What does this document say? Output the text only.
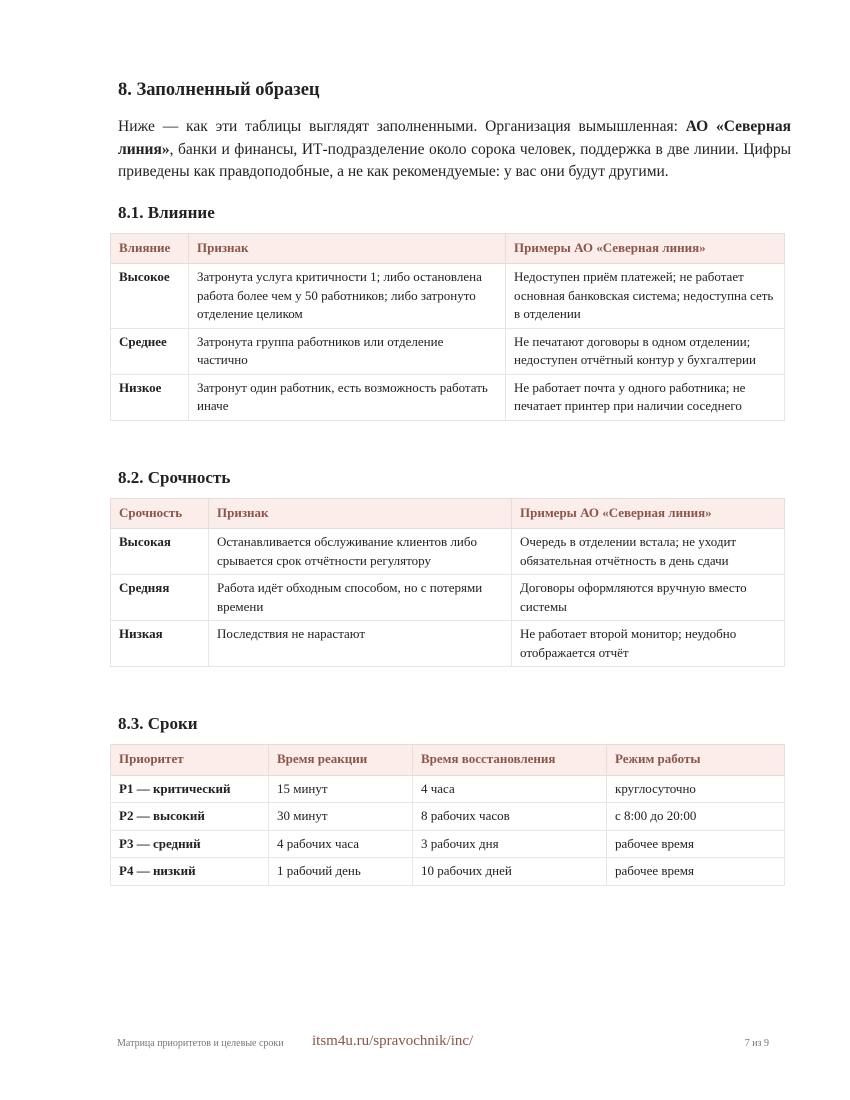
8. Заполненный образец

Ниже — как эти таблицы выглядят заполненными. Организация вымышленная: АО «Северная линия», банки и финансы, ИТ-подразделение около сорока человек, поддержка в две линии. Цифры приведены как правдоподобные, а не как рекомендуемые: у вас они будут другими.

8.1. Влияние
Влияние	Признак	Примеры АО «Северная линия»
Высокое	Затронута услуга критичности 1; либо остановлена работа более чем у 50 работников; либо затронуто отделение целиком	Недоступен приём платежей; не работает основная банковская система; недоступна сеть в отделении
Среднее	Затронута группа работников или отделение частично	Не печатают договоры в одном отделении; недоступен отчётный контур у бухгалтерии
Низкое	Затронут один работник, есть возможность работать иначе	Не работает почта у одного работника; не печатает принтер при наличии соседнего
8.2. Срочность
Срочность	Признак	Примеры АО «Северная линия»
Высокая	Останавливается обслуживание клиентов либо срывается срок отчётности регулятору	Очередь в отделении встала; не уходит обязательная отчётность в день сдачи
Средняя	Работа идёт обходным способом, но с потерями времени	Договоры оформляются вручную вместо системы
Низкая	Последствия не нарастают	Не работает второй монитор; неудобно отображается отчёт
8.3. Сроки
Приоритет	Время реакции	Время восстановления	Режим работы
P1 — критический	15 минут	4 часа	круглосуточно
P2 — высокий	30 минут	8 рабочих часов	с 8:00 до 20:00
P3 — средний	4 рабочих часа	3 рабочих дня	рабочее время
P4 — низкий	1 рабочий день	10 рабочих дней	рабочее время
Матрица приоритетов и целевые сроки itsm4u.ru/spravochnik/inc/	7 из 9
